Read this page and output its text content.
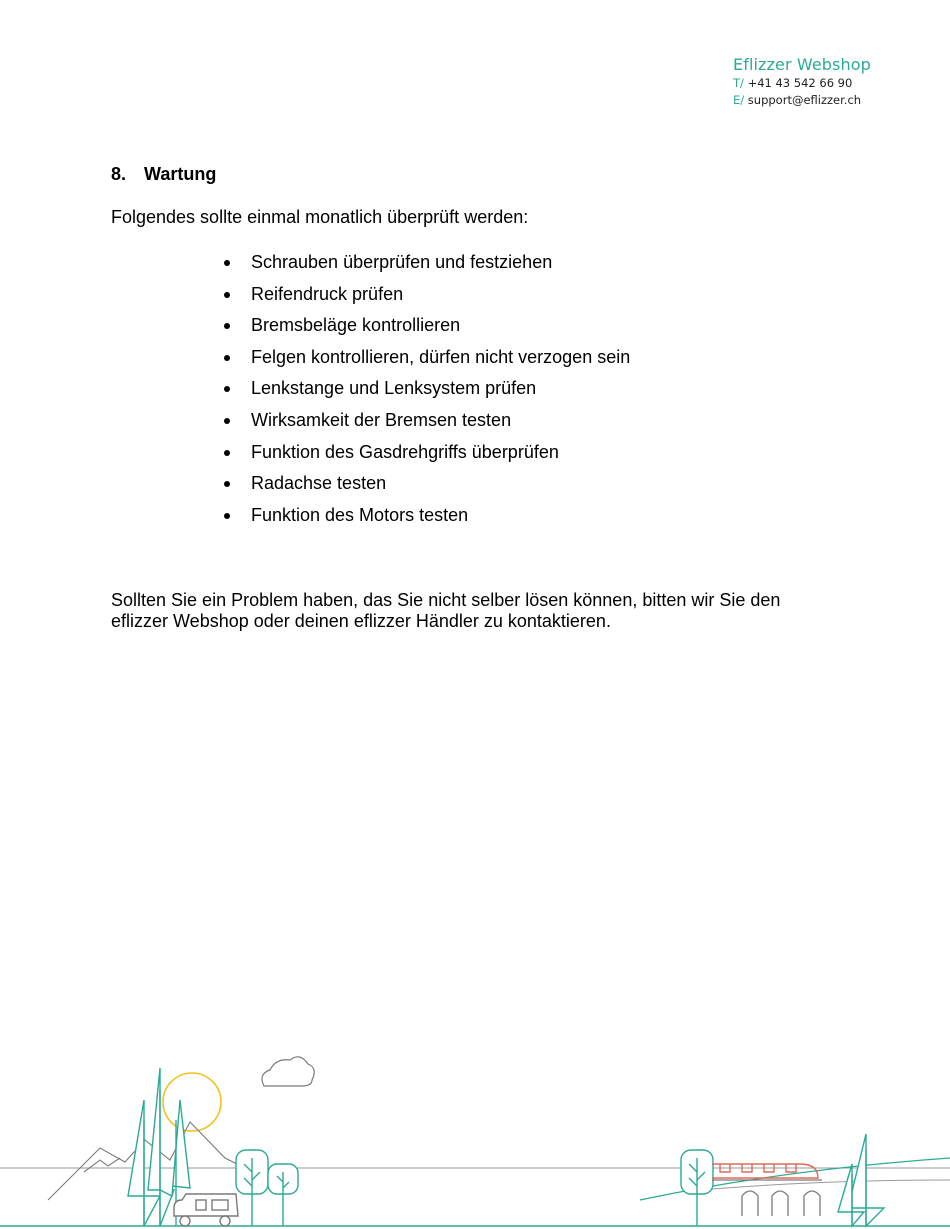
Eflizzer Webshop
T/ +41 43 542 66 90
E/ support@eflizzer.ch
8. Wartung
Folgendes sollte einmal monatlich überprüft werden:
Schrauben überprüfen und festziehen
Reifendruck prüfen
Bremsbeläge kontrollieren
Felgen kontrollieren, dürfen nicht verzogen sein
Lenkstange und Lenksystem prüfen
Wirksamkeit der Bremsen testen
Funktion des Gasdrehgriffs überprüfen
Radachse testen
Funktion des Motors testen
Sollten Sie ein Problem haben, das Sie nicht selber lösen können, bitten wir Sie den
eflizzer Webshop oder deinen eflizzer Händler zu kontaktieren.
